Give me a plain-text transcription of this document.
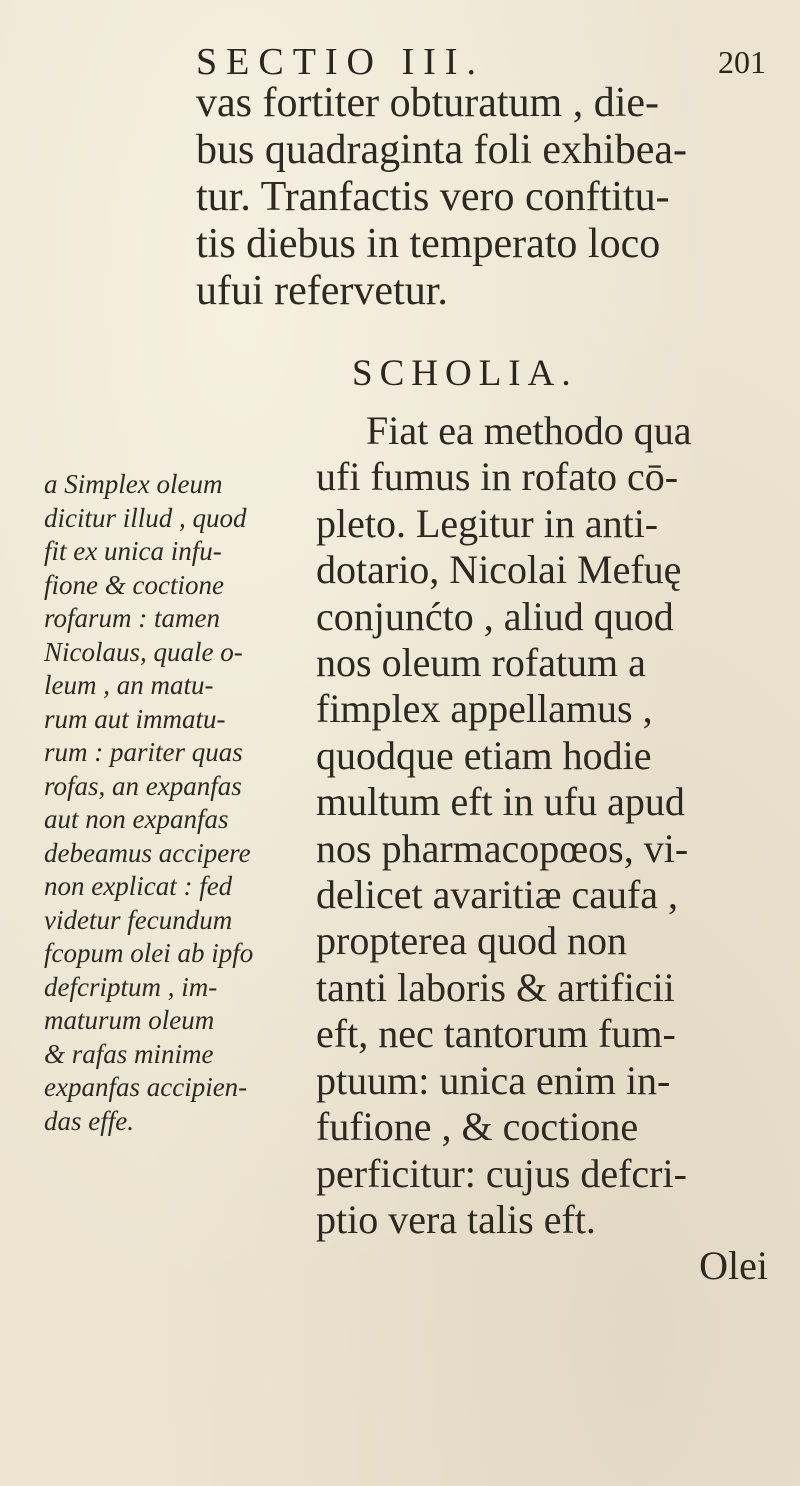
SECTIO III.	201
vas fortiter obturatum , die-
bus quadraginta foli exhibea-
tur. Tranfactis vero conftitu-
tis diebus in temperato loco
ufui refervetur.
SCHOLIA.
Fiat ea methodo qua
ufi fumus in rofato cō-
pleto. Legitur in anti-
dotario, Nicolai Mefuę
conjunćto , aliud quod
nos oleum rofatum a
fimplex appellamus ,
quodque etiam hodie
multum eft in ufu apud
nos pharmacopœos, vi-
delicet avaritiæ caufa ,
propterea quod non
tanti laboris & artificii
eft, nec tantorum fum-
ptuum: unica enim in-
fufione , & coctione
perficitur: cujus defcri-
ptio vera talis eft.
Olei
a Simplex oleum
dicitur illud , quod
fit ex unica infu-
fione & coctione
rofarum : tamen
Nicolaus, quale o-
leum , an matu-
rum aut immatu-
rum : pariter quas
rofas, an expanfas
aut non expanfas
debeamus accipere
non explicat : fed
videtur fecundum
fcopum olei ab ipfo
defcriptum , im-
maturum oleum
& rafas minime
expanfas accipien-
das effe.
